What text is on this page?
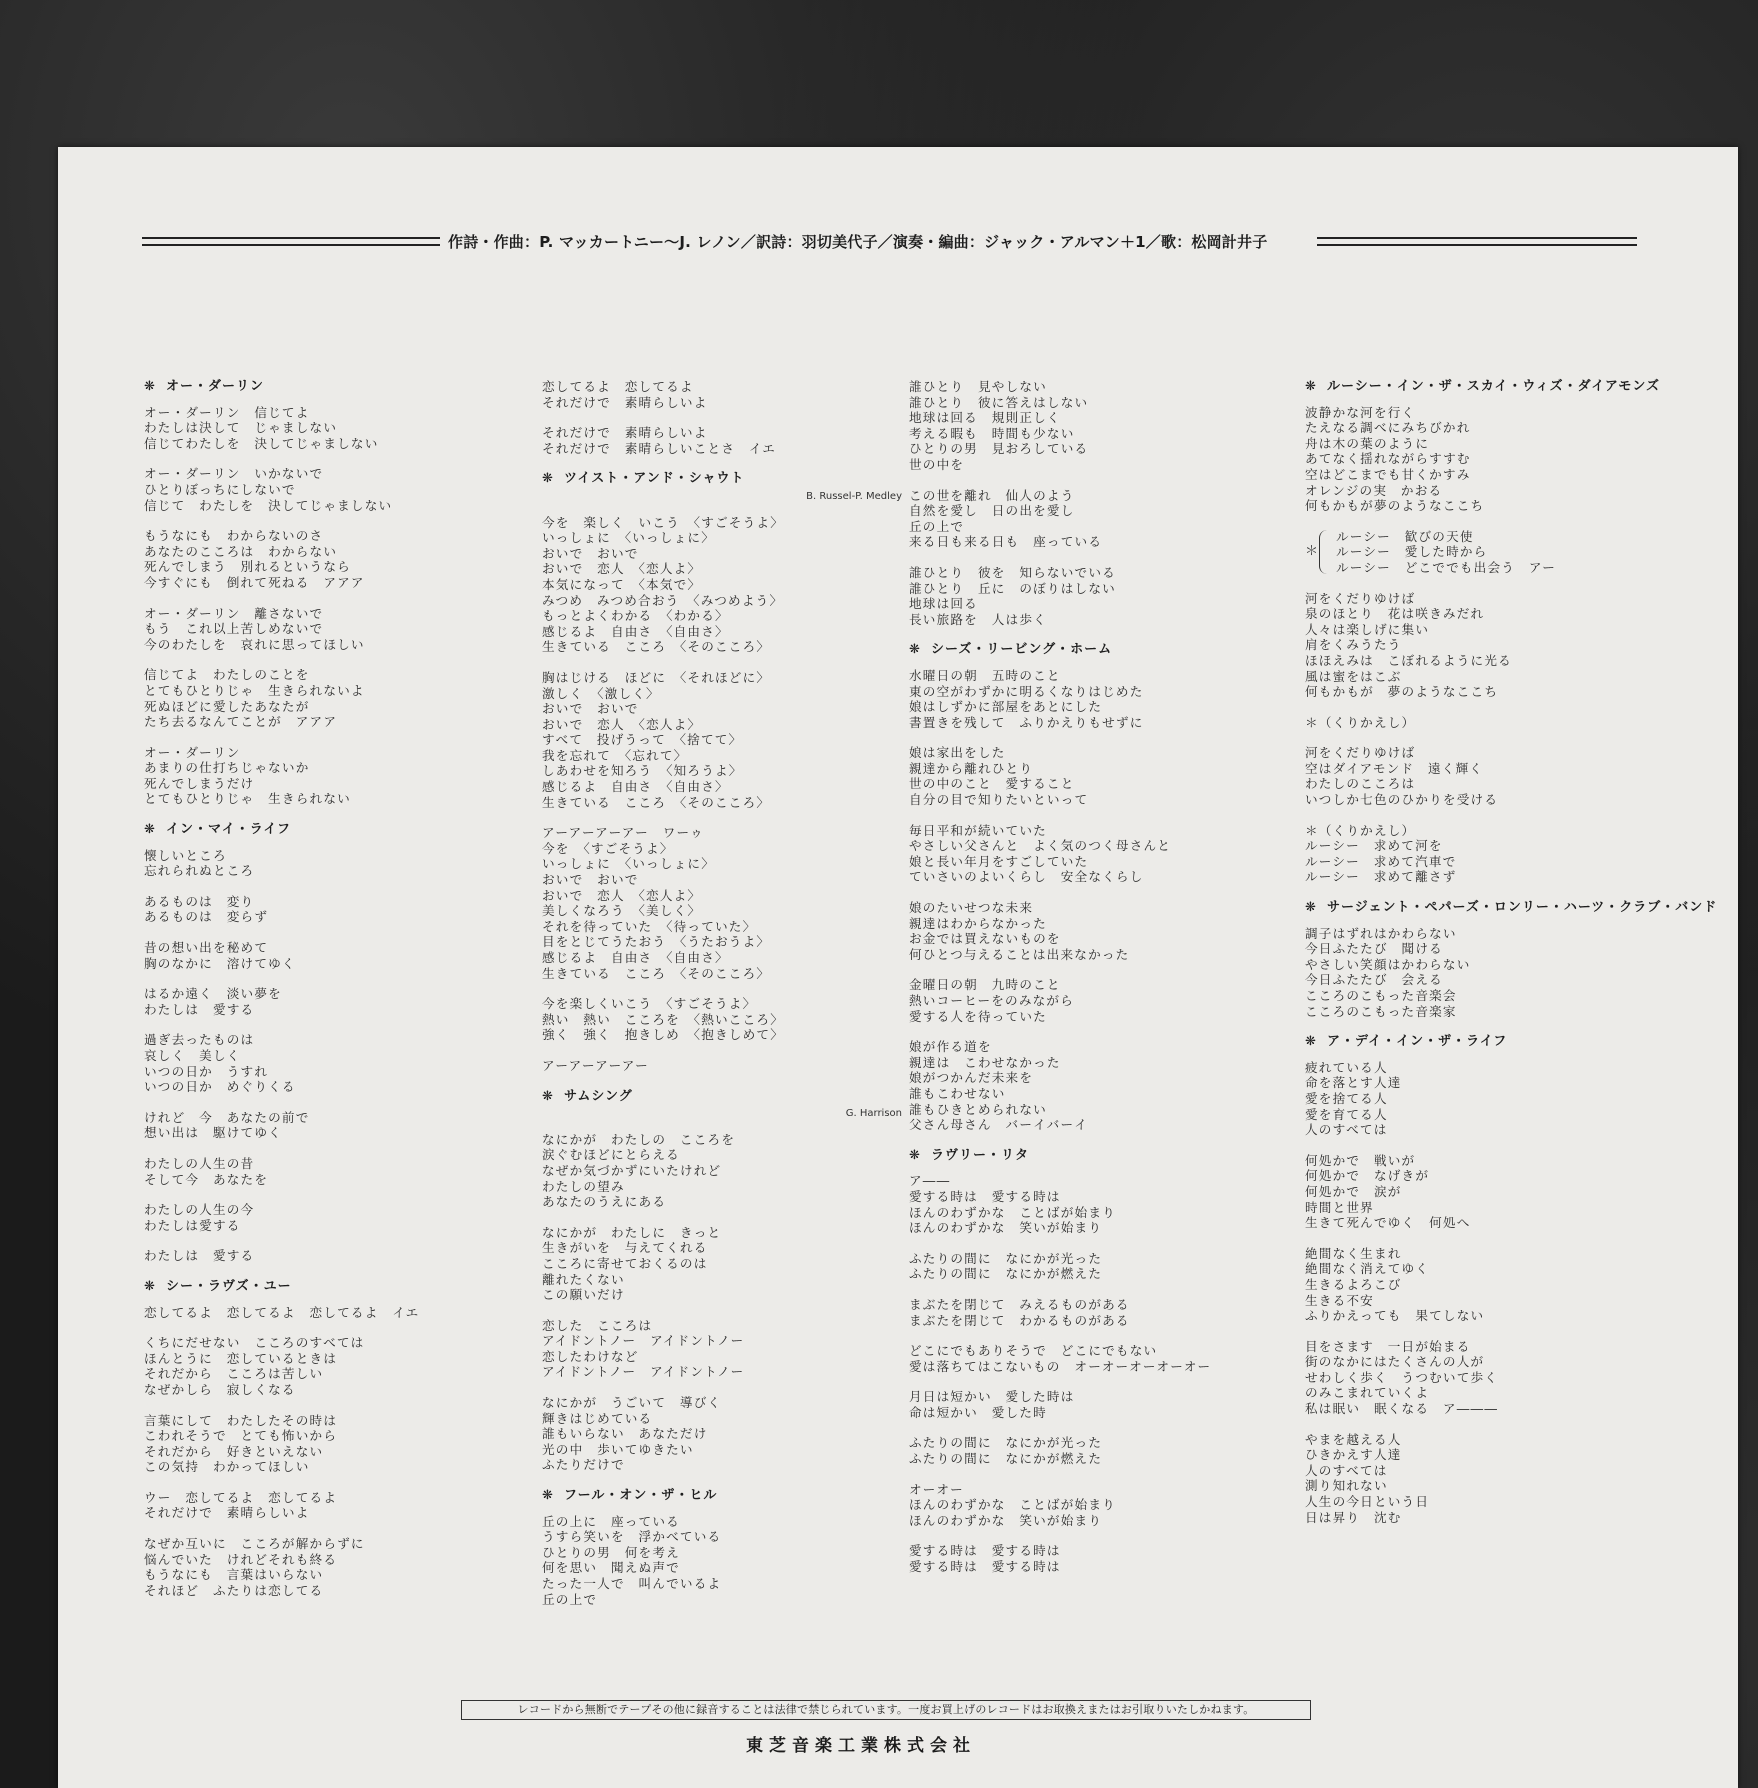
作詩・作曲：P. マッカートニー〜J. レノン／訳詩：羽切美代子／演奏・編曲：ジャック・アルマン＋1／歌：松岡計井子
❋ オー・ダーリン
オー・ダーリン　信じてよ
わたしは決して　じゃましない
信じてわたしを　決してじゃましない
オー・ダーリン　いかないで
ひとりぼっちにしないで
信じて　わたしを　決してじゃましない
もうなにも　わからないのさ
あなたのこころは　わからない
死んでしまう　別れるというなら
今すぐにも　倒れて死ねる　アアア
オー・ダーリン　離さないで
もう　これ以上苦しめないで
今のわたしを　哀れに思ってほしい
信じてよ　わたしのことを
とてもひとりじゃ　生きられないよ
死ぬほどに愛したあなたが
たち去るなんてことが　アアア
オー・ダーリン
あまりの仕打ちじゃないか
死んでしまうだけ
とてもひとりじゃ　生きられない
❋ イン・マイ・ライフ
懐しいところ
忘れられぬところ
あるものは　変り
あるものは　変らず
昔の想い出を秘めて
胸のなかに　溶けてゆく
はるか遠く　淡い夢を
わたしは　愛する
過ぎ去ったものは
哀しく　美しく
いつの日か　うすれ
いつの日か　めぐりくる
けれど　今　あなたの前で
想い出は　駆けてゆく
わたしの人生の昔
そして今　あなたを
わたしの人生の今
わたしは愛する
わたしは　愛する
❋ シー・ラヴズ・ユー
恋してるよ　恋してるよ　恋してるよ　イエ
くちにだせない　こころのすべては
ほんとうに　恋しているときは
それだから　こころは苦しい
なぜかしら　寂しくなる
言葉にして　わたしたその時は
こわれそうで　とても怖いから
それだから　好きといえない
この気持　わかってほしい
ウー　恋してるよ　恋してるよ
それだけで　素晴らしいよ
なぜか互いに　こころが解からずに
悩んでいた　けれどそれも終る
もうなにも　言葉はいらない
それほど　ふたりは恋してる
恋してるよ　恋してるよ
それだけで　素晴らしいよ
それだけで　素晴らしいよ
それだけで　素晴らしいことさ　イエ
❋ ツイスト・アンド・シャウト
B. Russel-P. Medley
今を　楽しく　いこう　〈すごそうよ〉
いっしょに　〈いっしょに〉
おいで　おいで
おいで　恋人　〈恋人よ〉
本気になって　〈本気で〉
みつめ　みつめ合おう　〈みつめよう〉
もっとよくわかる　〈わかる〉
感じるよ　自由さ　〈自由さ〉
生きている　こころ　〈そのこころ〉
胸はじける　ほどに　〈それほどに〉
激しく　〈激しく〉
おいで　おいで
おいで　恋人　〈恋人よ〉
すべて　投げうって　〈捨てて〉
我を忘れて　〈忘れて〉
しあわせを知ろう　〈知ろうよ〉
感じるよ　自由さ　〈自由さ〉
生きている　こころ　〈そのこころ〉
アーアーアーアー　ワーゥ
今を　〈すごそうよ〉
いっしょに　〈いっしょに〉
おいで　おいで
おいで　恋人　〈恋人よ〉
美しくなろう　〈美しく〉
それを待っていた　〈待っていた〉
目をとじてうたおう　〈うたおうよ〉
感じるよ　自由さ　〈自由さ〉
生きている　こころ　〈そのこころ〉
今を楽しくいこう　〈すごそうよ〉
熱い　熱い　こころを　〈熱いこころ〉
強く　強く　抱きしめ　〈抱きしめて〉
アーアーアーアー
❋ サムシング
G. Harrison
なにかが　わたしの　こころを
涙ぐむほどにとらえる
なぜか気づかずにいたけれど
わたしの望み
あなたのうえにある
なにかが　わたしに　きっと
生きがいを　与えてくれる
こころに寄せておくるのは
離れたくない
この願いだけ
恋した　こころは
アイドントノー　アイドントノー
恋したわけなど
アイドントノー　アイドントノー
なにかが　うごいて　導びく
輝きはじめている
誰もいらない　あなただけ
光の中　歩いてゆきたい
ふたりだけで
❋ フール・オン・ザ・ヒル
丘の上に　座っている
うすら笑いを　浮かべている
ひとりの男　何を考え
何を思い　聞えぬ声で
たった一人で　叫んでいるよ
丘の上で
誰ひとり　見やしない
誰ひとり　彼に答えはしない
地球は回る　規則正しく
考える暇も　時間も少ない
ひとりの男　見おろしている
世の中を
この世を離れ　仙人のよう
自然を愛し　日の出を愛し
丘の上で
来る日も来る日も　座っている
誰ひとり　彼を　知らないでいる
誰ひとり　丘に　のぼりはしない
地球は回る
長い旅路を　人は歩く
❋ シーズ・リービング・ホーム
水曜日の朝　五時のこと
東の空がわずかに明るくなりはじめた
娘はしずかに部屋をあとにした
書置きを残して　ふりかえりもせずに
娘は家出をした
親達から離れひとり
世の中のこと　愛すること
自分の目で知りたいといって
毎日平和が続いていた
やさしい父さんと　よく気のつく母さんと
娘と長い年月をすごしていた
ていさいのよいくらし　安全なくらし
娘のたいせつな未来
親達はわからなかった
お金では買えないものを
何ひとつ与えることは出来なかった
金曜日の朝　九時のこと
熱いコーヒーをのみながら
愛する人を待っていた
娘が作る道を
親達は　こわせなかった
娘がつかんだ未来を
誰もこわせない
誰もひきとめられない
父さん母さん　バーイバーイ
❋ ラヴリー・リタ
ア――
愛する時は　愛する時は
ほんのわずかな　ことばが始まり
ほんのわずかな　笑いが始まり
ふたりの間に　なにかが光った
ふたりの間に　なにかが燃えた
まぶたを閉じて　みえるものがある
まぶたを閉じて　わかるものがある
どこにでもありそうで　どこにでもない
愛は落ちてはこないもの　オーオーオーオーオー
月日は短かい　愛した時は
命は短かい　愛した時
ふたりの間に　なにかが光った
ふたりの間に　なにかが燃えた
オーオー
ほんのわずかな　ことばが始まり
ほんのわずかな　笑いが始まり
愛する時は　愛する時は
愛する時は　愛する時は
❋ ルーシー・イン・ザ・スカイ・ウィズ・ダイアモンズ
波静かな河を行く
たえなる調べにみちびかれ
舟は木の葉のように
あてなく揺れながらすすむ
空はどこまでも甘くかすみ
オレンジの実　かおる
何もかもが夢のようなここち
＊
ルーシー　歓びの天使
ルーシー　愛した時から
ルーシー　どこででも出会う　アー
河をくだりゆけば
泉のほとり　花は咲きみだれ
人々は楽しげに集い
肩をくみうたう
ほほえみは　こぼれるように光る
風は蜜をはこぶ
何もかもが　夢のようなここち
＊（くりかえし）
河をくだりゆけば
空はダイアモンド　遠く輝く
わたしのこころは
いつしか七色のひかりを受ける
＊（くりかえし）
ルーシー　求めて河を
ルーシー　求めて汽車で
ルーシー　求めて離さず
❋ サージェント・ペパーズ・ロンリー・ハーツ・クラブ・バンド
調子はずれはかわらない
今日ふたたび　聞ける
やさしい笑顔はかわらない
今日ふたたび　会える
こころのこもった音楽会
こころのこもった音楽家
❋ ア・デイ・イン・ザ・ライフ
疲れている人
命を落とす人達
愛を捨てる人
愛を育てる人
人のすべては
何処かで　戦いが
何処かで　なげきが
何処かで　涙が
時間と世界
生きて死んでゆく　何処へ
絶間なく生まれ
絶間なく消えてゆく
生きるよろこび
生きる不安
ふりかえっても　果てしない
目をさます　一日が始まる
街のなかにはたくさんの人が
せわしく歩く　うつむいて歩く
のみこまれていくよ
私は眠い　眠くなる　ア―――
やまを越える人
ひきかえす人達
人のすべては
測り知れない
人生の今日という日
日は昇り　沈む
レコードから無断でテープその他に録音することは法律で禁じられています。一度お買上げのレコードはお取換えまたはお引取りいたしかねます。
東芝音楽工業株式会社
